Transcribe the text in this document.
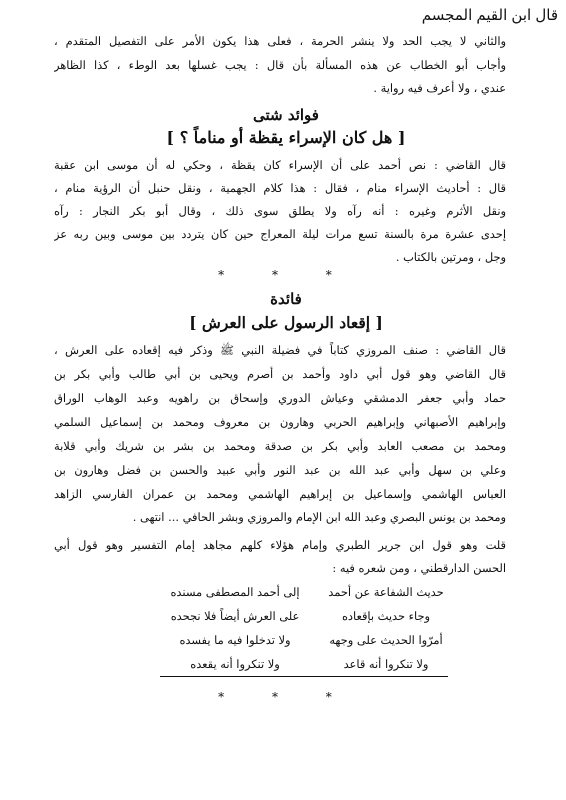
قال ابن القيم المجسم
والثاني لا يجب الحد ولا ينشر الحرمة ، فعلى هذا يكون الأمر على التفصيل المتقدم ،
وأجاب أبو الخطاب عن هذه المسألة بأن قال : يجب غسلها بعد الوطء ، كذا الظاهر
عندي ، ولا أعرف فيه رواية .
فوائد شتى
[ هل كان الإسراء يقظة أو مناماً ؟ ]
قال القاضي : نص أحمد على أن الإسراء كان يقظة ، وحكي له أن موسى ابن عقبة
قال : أحاديث الإسراء منام ، فقال : هذا كلام الجهمية ، ونقل حنبل أن الرؤية منام ،
ونقل الأثرم وغيره : أنه رآه ولا يطلق سوى ذلك ، وقال أبو بكر النجار : رآه
إحدى عشرة مرة بالسنة تسع مرات ليلة المعراج حين كان يتردد بين موسى وبين ربه عز
وجل ، ومرتين بالكتاب .
* * *
فائدة
[ إقعاد الرسول على العرش ]
قال القاضي : صنف المروزي كتاباً في فضيلة النبي ﷺ وذكر فيه إقعاده على العرش ،
قال القاضي وهو قول أبي داود وأحمد بن أصرم ويحيى بن أبي طالب وأبي بكر بن
حماد وأبي جعفر الدمشقي وعياش الدوري وإسحاق بن راهويه وعبد الوهاب الوراق
وإبراهيم الأصبهاني وإبراهيم الحربي وهارون بن معروف ومحمد بن إسماعيل السلمي
ومحمد بن مصعب العابد وأبي بكر بن صدقة ومحمد بن بشر بن شريك وأبي قلابة
وعلي بن سهل وأبي عبد الله بن عبد النور وأبي عبيد والحسن بن فضل وهارون بن
العباس الهاشمي وإسماعيل بن إبراهيم الهاشمي ومحمد بن عمران الفارسي الزاهد
ومحمد بن يونس البصري وعبد الله ابن الإمام والمروزي وبشر الحافي ... انتهى .
قلت وهو قول ابن جرير الطبري وإمام هؤلاء كلهم مجاهد إمام التفسير وهو قول أبي
الحسن الدارقطني ، ومن شعره فيه :
حديث الشفاعة عن أحمد
إلى أحمد المصطفى مسنده
وجاء حديث بإقعاده
على العرش أيضاً فلا نجحده
أمرّوا الحديث على وجهه
ولا تدخلوا فيه ما يفسده
ولا تنكروا أنه قاعد
ولا تنكروا أنه يقعده
* * *
